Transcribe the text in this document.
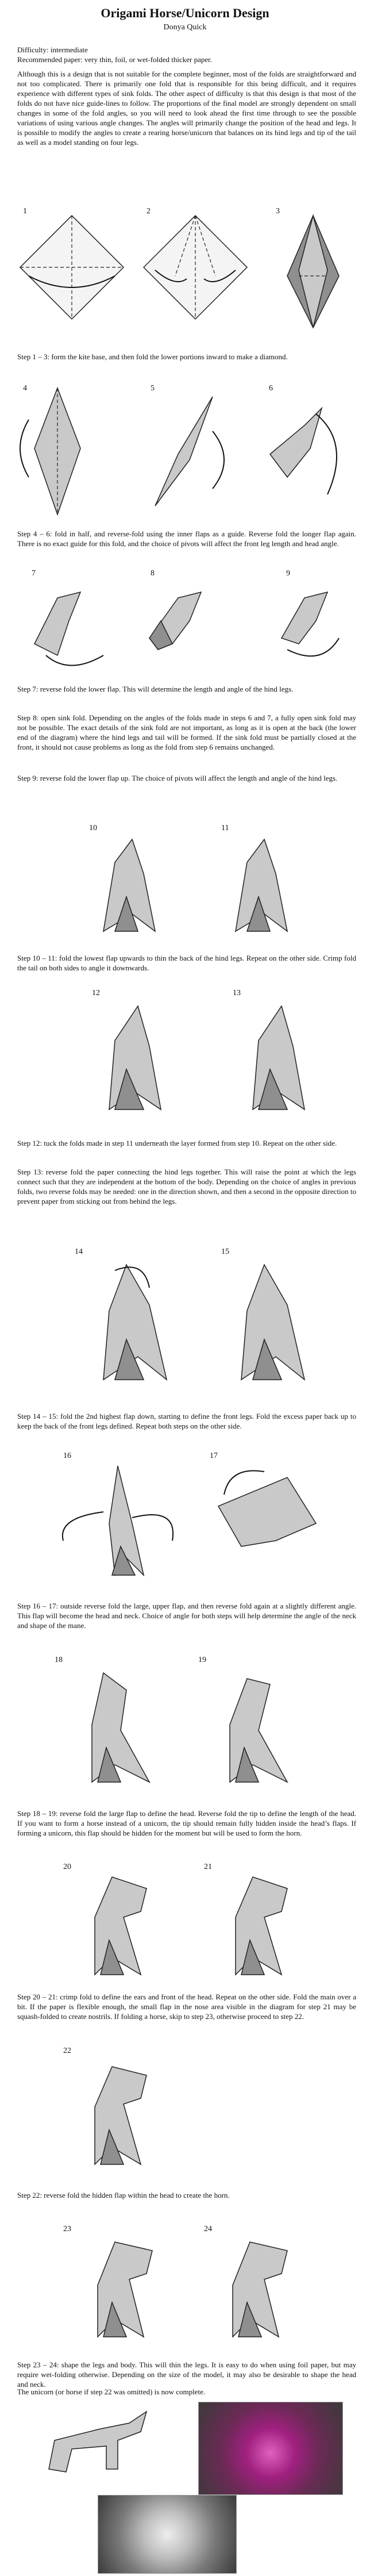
Origami Horse/Unicorn Design
Donya Quick
Difficulty: intermediate
Recommended paper: very thin, foil, or wet-folded thicker paper.
Although this is a design that is not suitable for the complete beginner, most of the folds are straightforward and not too complicated. There is primarily one fold that is responsible for this being difficult, and it requires experience with different types of sink folds. The other aspect of difficulty is that this design is that most of the folds do not have nice guide-lines to follow. The proportions of the final model are strongly dependent on small changes in some of the fold angles, so you will need to look ahead the first time through to see the possible variations of using various angle changes. The angles will primarily change the position of the head and legs. It is possible to modify the angles to create a rearing horse/unicorn that balances on its hind legs and tip of the tail as well as a model standing on four legs.
1	2	3
Step 1 – 3: form the kite base, and then fold the lower portions inward to make a diamond.
4	5	6
Step 4 – 6: fold in half, and reverse-fold using the inner flaps as a guide. Reverse fold the longer flap again. There is no exact guide for this fold, and the choice of pivots will affect the front leg length and head angle.
7	8	9
Step 7: reverse fold the lower flap. This will determine the length and angle of the hind legs.
Step 8: open sink fold. Depending on the angles of the folds made in steps 6 and 7, a fully open sink fold may not be possible. The exact details of the sink fold are not important, as long as it is open at the back (the lower end of the diagram) where the hind legs and tail will be formed. If the sink fold must be partially closed at the front, it should not cause problems as long as the fold from step 6 remains unchanged.
Step 9: reverse fold the lower flap up. The choice of pivots will affect the length and angle of the hind legs.
10	11
Step 10 – 11: fold the lowest flap upwards to thin the back of the hind legs. Repeat on the other side. Crimp fold the tail on both sides to angle it downwards.
12	13
Step 12: tuck the folds made in step 11 underneath the layer formed from step 10. Repeat on the other side.
Step 13: reverse fold the paper connecting the hind legs together. This will raise the point at which the legs connect such that they are independent at the bottom of the body. Depending on the choice of angles in previous folds, two reverse folds may be needed: one in the direction shown, and then a second in the opposite direction to prevent paper from sticking out from behind the legs.
14	15
Step 14 – 15: fold the 2nd highest flap down, starting to define the front legs. Fold the excess paper back up to keep the back of the front legs defined. Repeat both steps on the other side.
16	17
Step 16 – 17: outside reverse fold the large, upper flap, and then reverse fold again at a slightly different angle. This flap will become the head and neck. Choice of angle for both steps will help determine the angle of the neck and shape of the mane.
18	19
Step 18 – 19: reverse fold the large flap to define the head. Reverse fold the tip to define the length of the head. If you want to form a horse instead of a unicorn, the tip should remain fully hidden inside the head’s flaps. If forming a unicorn, this flap should be hidden for the moment but will be used to form the horn.
20	21
Step 20 – 21: crimp fold to define the ears and front of the head. Repeat on the other side. Fold the main over a bit. If the paper is flexible enough, the small flap in the nose area visible in the diagram for step 21 may be squash-folded to create nostrils. If folding a horse, skip to step 23, otherwise proceed to step 22.
22
Step 22: reverse fold the hidden flap within the head to create the horn.
23	24
Step 23 – 24: shape the legs and body. This will thin the legs. It is easy to do when using foil paper, but may require wet-folding otherwise. Depending on the size of the model, it may also be desirable to shape the head and neck.
The unicorn (or horse if step 22 was omitted) is now complete.
